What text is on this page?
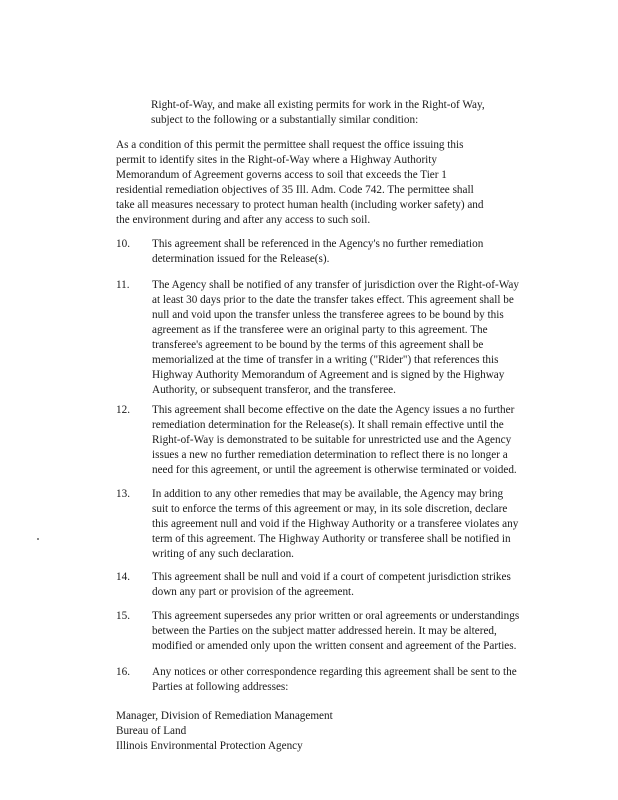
Right-of-Way, and make all existing permits for work in the Right-of Way,
subject to the following or a substantially similar condition:
As a condition of this permit the permittee shall request the office issuing this
permit to identify sites in the Right-of-Way where a Highway Authority
Memorandum of Agreement governs access to soil that exceeds the Tier 1
residential remediation objectives of 35 Ill. Adm. Code 742. The permittee shall
take all measures necessary to protect human health (including worker safety) and
the environment during and after any access to such soil.
10. This agreement shall be referenced in the Agency's no further remediation
determination issued for the Release(s).
11. The Agency shall be notified of any transfer of jurisdiction over the Right-of-Way
at least 30 days prior to the date the transfer takes effect. This agreement shall be
null and void upon the transfer unless the transferee agrees to be bound by this
agreement as if the transferee were an original party to this agreement. The
transferee's agreement to be bound by the terms of this agreement shall be
memorialized at the time of transfer in a writing ("Rider") that references this
Highway Authority Memorandum of Agreement and is signed by the Highway
Authority, or subsequent transferor, and the transferee.
12. This agreement shall become effective on the date the Agency issues a no further
remediation determination for the Release(s). It shall remain effective until the
Right-of-Way is demonstrated to be suitable for unrestricted use and the Agency
issues a new no further remediation determination to reflect there is no longer a
need for this agreement, or until the agreement is otherwise terminated or voided.
13. In addition to any other remedies that may be available, the Agency may bring
suit to enforce the terms of this agreement or may, in its sole discretion, declare
this agreement null and void if the Highway Authority or a transferee violates any
term of this agreement. The Highway Authority or transferee shall be notified in
writing of any such declaration.
14. This agreement shall be null and void if a court of competent jurisdiction strikes
down any part or provision of the agreement.
15. This agreement supersedes any prior written or oral agreements or understandings
between the Parties on the subject matter addressed herein. It may be altered,
modified or amended only upon the written consent and agreement of the Parties.
16. Any notices or other correspondence regarding this agreement shall be sent to the
Parties at following addresses:
Manager, Division of Remediation Management
Bureau of Land
Illinois Environmental Protection Agency
